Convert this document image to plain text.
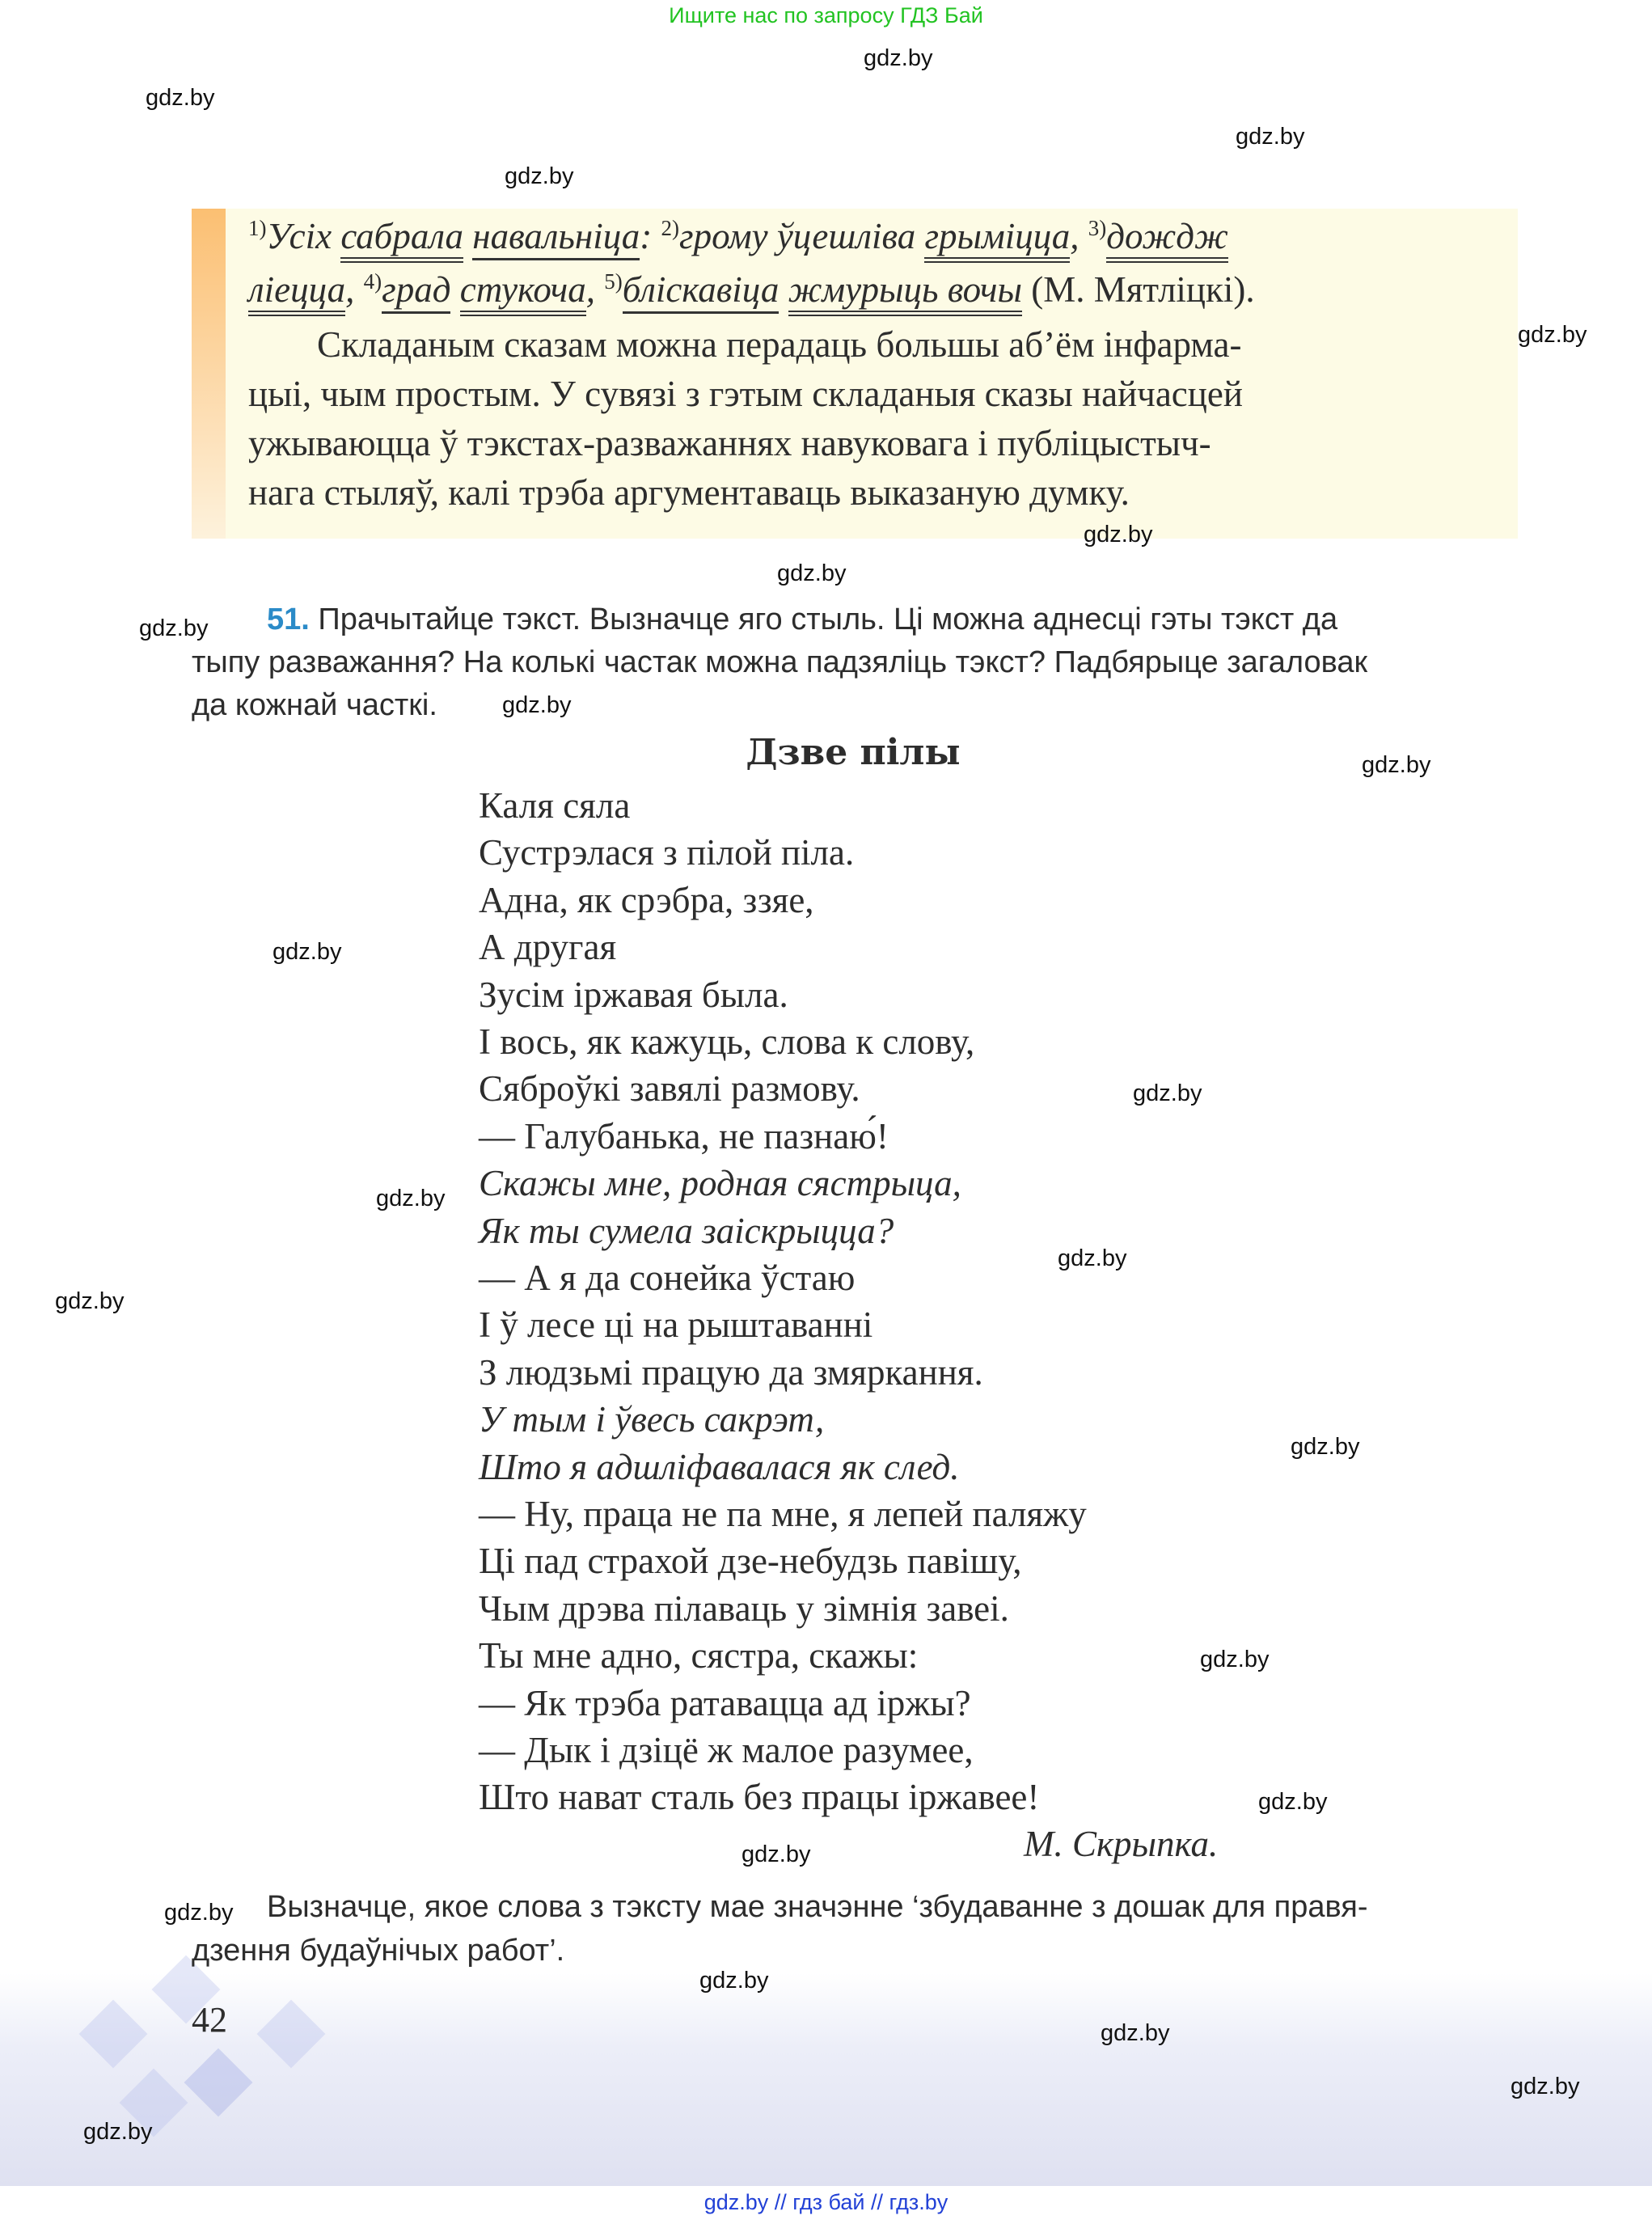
Ищите нас по запросу ГДЗ Бай
$^{1)}$Усіх сабрала навальніца: $^{2)}$грому ўцешліва грымiцца, $^{3)}$дождж
ліецца, $^{4)}$град стукоча, $^{5)}$бліскавіца жмурыць вочы (М. Мятліцкі).
Складаным сказам можна перадаць большы аб’ём інфарма-
цыі, чым простым. У сувязі з гэтым складаныя сказы найчасцей
ужываюцца ў тэкстах-разважаннях навуковага і публіцыстыч-
нага стыляў, калі трэба аргументаваць выказаную думку.
51. Прачытайце тэкст. Вызначце яго стыль. Ці можна аднесці гэты тэкст да
тыпу разважання? На колькі частак можна падзяліць тэкст? Падбярыце загаловак
да кожнай часткі.
Дзве пілы
Каля сяла
Сустрэлася з пілой піла.
Адна, як срэбра, ззяе,
А другая
Зусім іржавая была.
І вось, як кажуць, слова к слову,
Сяброўкі завялі размову.
— Галубанька, не пазнаю́!
Скажы мне, родная сястрыца,
Як ты сумела заіскрыцца?
— А я да сонейка ўстаю
І ў лесе ці на рыштаванні
З людзьмі працую да змяркання.
У тым і ўвесь сакрэт,
Што я адшліфавалася як след.
— Ну, праца не па мне, я лепей паляжу
Ці пад страхой дзе-небудзь павішу,
Чым дрэва пілаваць у зімнія завеі.
Ты мне адно, сястра, скажы:
— Як трэба ратавацца ад іржы?
— Дык і дзіцё ж малое разумее,
Што нават сталь без працы іржавее!
М. Скрыпка.
Вызначце, якое слова з тэксту мае значэнне ‘збудаванне з дошак для правя-
дзення будаўнічых работ’.
42
gdz.by // гдз бай // гдз.by
gdz.by
gdz.by
gdz.by
gdz.by
gdz.by
gdz.by
gdz.by
gdz.by
gdz.by
gdz.by
gdz.by
gdz.by
gdz.by
gdz.by
gdz.by
gdz.by
gdz.by
gdz.by
gdz.by
gdz.by
gdz.by
gdz.by
gdz.by
gdz.by
